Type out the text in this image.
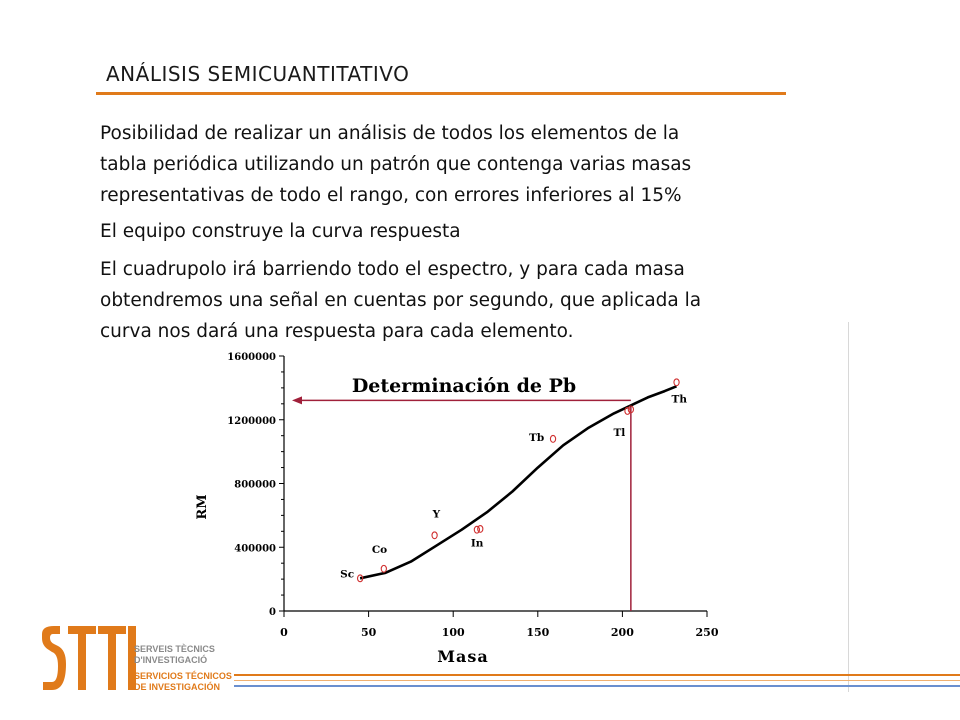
ANÁLISIS SEMICUANTITATIVO
Posibilidad de realizar un análisis de todos los elementos de la
tabla periódica utilizando un patrón que contenga varias masas
representativas de todo el rango, con errores inferiores al 15%
El equipo construye la curva respuesta
El cuadrupolo irá barriendo todo el espectro, y para cada masa
obtendremos una señal en cuentas por segundo, que aplicada la
curva nos dará una respuesta para cada elemento.
Determinación de Pb
Masa
RM
0
400000
800000
1200000
1600000
0	50	100	150	200	250
Sc
Co
Y
In
Tb	Tl
Th
SERVEIS TÈCNICS
D'INVESTIGACIÓ
SERVICIOS TÉCNICOS
DE INVESTIGACIÓN
